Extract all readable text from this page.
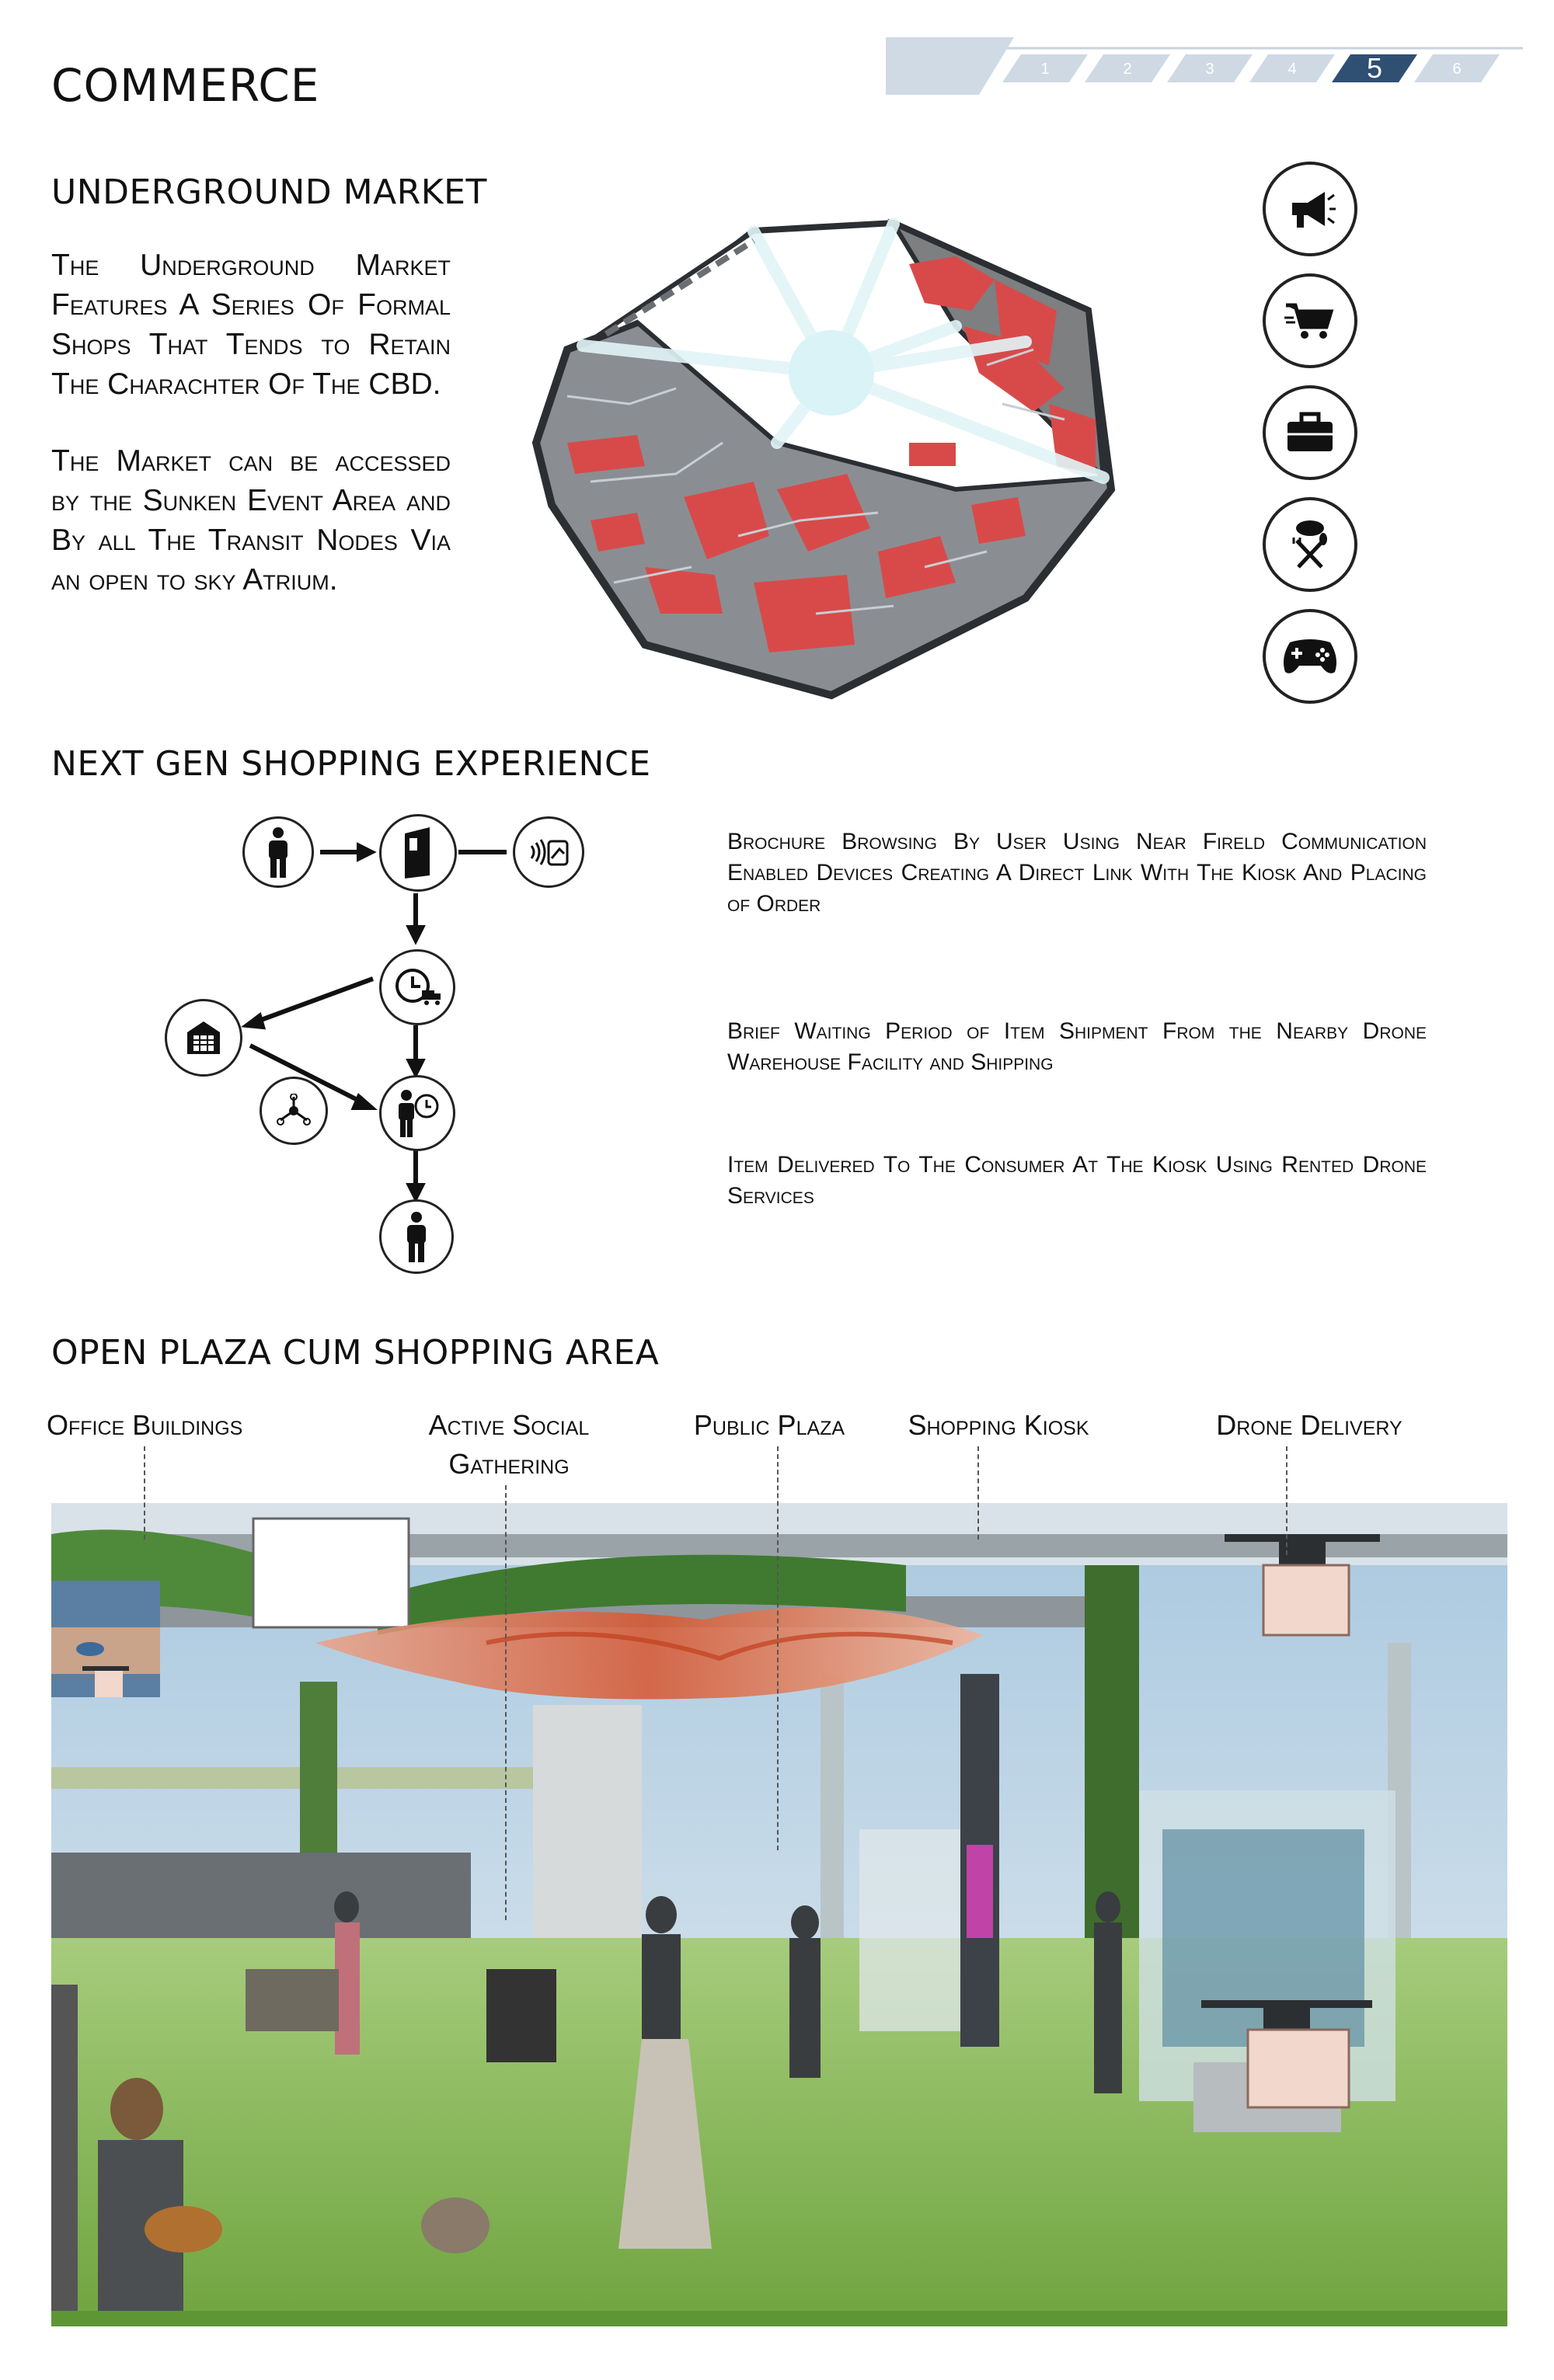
COMMERCE	1	2	3	4	5	6
UNDERGROUND MARKET
The Underground Market Features A Series Of Formal Shops That Tends to Retain The Charachter Of The CBD.
The Market can be accessed by the Sunken Event Area and By all The Transit Nodes Via an open to sky Atrium.
NEXT GEN SHOPPING EXPERIENCE
Brochure Browsing By User Using Near Fireld Communication Enabled Devices Creating A Direct Link With The Kiosk And Placing of Order
Brief Waiting Period of Item Shipment From the Nearby Drone Warehouse Facility and Shipping
Item Delivered To The Consumer At The Kiosk Using Rented Drone Services
OPEN PLAZA CUM SHOPPING AREA
Office Buildings	Active Social
Gathering
Public Plaza	Shopping Kiosk	Drone Delivery
